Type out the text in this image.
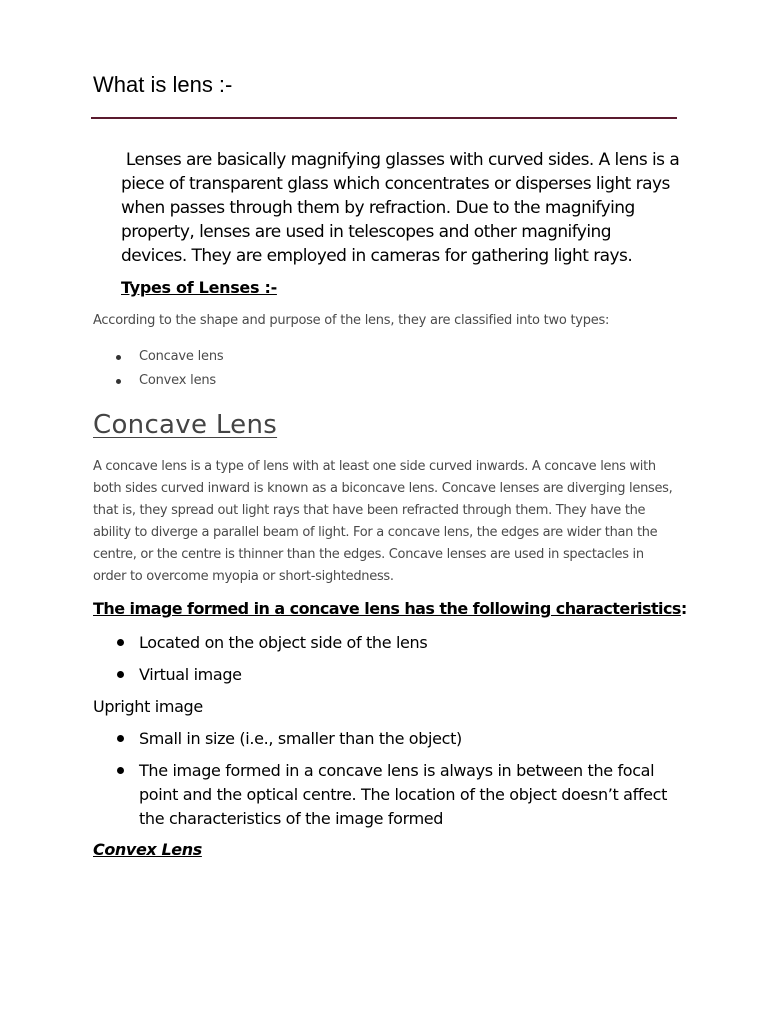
What is lens :-
Lenses are basically magnifying glasses with curved sides. A lens is a piece of transparent glass which concentrates or disperses light rays when passes through them by refraction. Due to the magnifying property, lenses are used in telescopes and other magnifying devices. They are employed in cameras for gathering light rays.
Types of Lenses :-
According to the shape and purpose of the lens, they are classified into two types:
Concave lens
Convex lens
Concave Lens
A concave lens is a type of lens with at least one side curved inwards. A concave lens with both sides curved inward is known as a biconcave lens. Concave lenses are diverging lenses, that is, they spread out light rays that have been refracted through them. They have the ability to diverge a parallel beam of light. For a concave lens, the edges are wider than the centre, or the centre is thinner than the edges. Concave lenses are used in spectacles in order to overcome myopia or short-sightedness.
The image formed in a concave lens has the following characteristics:
Located on the object side of the lens
Virtual image
Upright image
Small in size (i.e., smaller than the object)
The image formed in a concave lens is always in between the focal point and the optical centre. The location of the object doesn’t affect the characteristics of the image formed
Convex Lens
